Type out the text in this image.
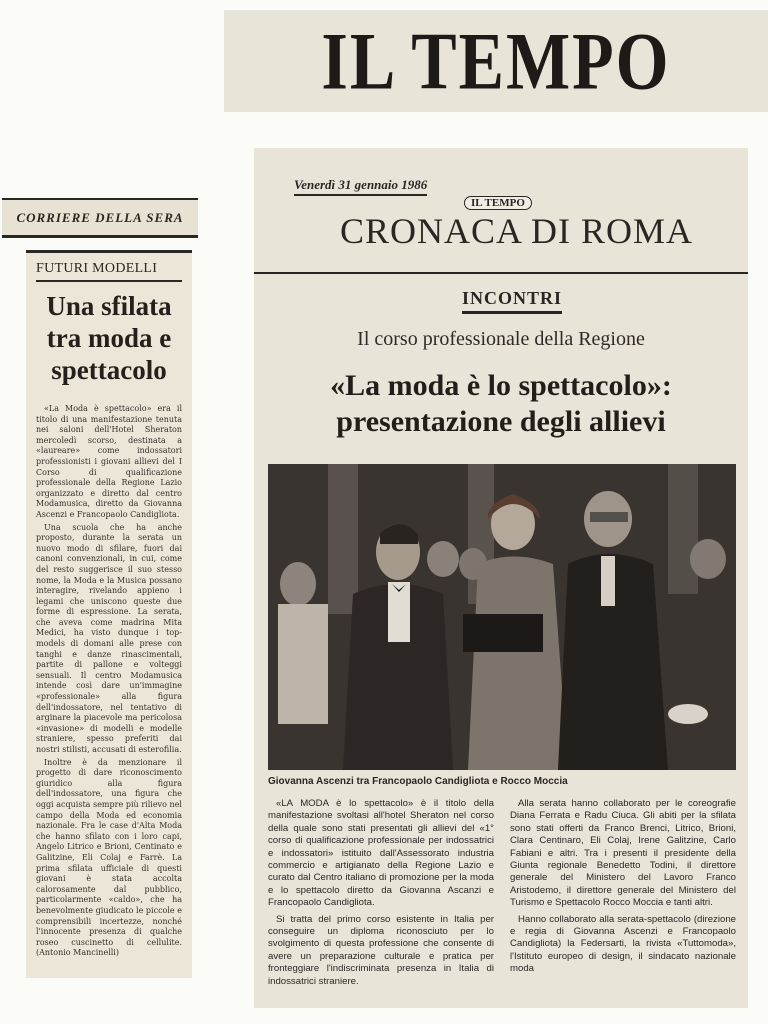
IL TEMPO
CORRIERE DELLA SERA
FUTURI MODELLI
Una sfilata tra moda e spettacolo

«La Moda è spettacolo» era il titolo di una manifestazione tenuta nei saloni dell'Hotel Sheraton mercoledì scorso, destinata a «laureare» come indossatori professionisti i giovani allievi del I Corso di qualificazione professionale della Regione Lazio organizzato e diretto dal centro Modamusica, diretto da Giovanna Ascenzi e Francopaolo Candigliota.

Una scuola che ha anche proposto, durante la serata un nuovo modo di sfilare, fuori dai canoni convenzionali, in cui, come del resto suggerisce il suo stesso nome, la Moda e la Musica possano interagire, rivelando appieno i legami che uniscono queste due forme di espressione. La serata, che aveva come madrina Mita Medici, ha visto dunque i top-models di domani alle prese con tanghi e danze rinascimentali, partite di pallone e volteggi sensuali. Il centro Modamusica intende così dare un'immagine «professionale» alla figura dell'indossatore, nel tentativo di arginare la piacevole ma pericolosa «invasione» di modelli e modelle straniere, spesso preferiti dai nostri stilisti, accusati di esterofilia.

Inoltre è da menzionare il progetto di dare riconoscimento giuridico alla figura dell'indossatore, una figura che oggi acquista sempre più rilievo nel campo della Moda ed economia nazionale. Fra le case d'Alta Moda che hanno sfilato con i loro capi, Angelo Litrico e Brioni, Centinato e Galitzine, Eli Colaj e Farrè. La prima sfilata ufficiale di questi giovani è stata accolta calorosamente dal pubblico, particolarmente «caldo», che ha benevolmente giudicato le piccole e comprensibili incertezze, nonché l'innocente presenza di qualche roseo cuscinetto di cellulite. (Antonio Mancinelli)

Venerdì 31 gennaio 1986
IL TEMPO
CRONACA DI ROMA
INCONTRI
Il corso professionale della Regione
«La moda è lo spettacolo»: presentazione degli allievi
Giovanna Ascenzi tra Francopaolo Candigliota e Rocco Moccia

«LA MODA è lo spettacolo» è il titolo della manifestazione svoltasi all'hotel Sheraton nel corso della quale sono stati presentati gli allievi del «1° corso di qualificazione professionale per indossatrici e indossatori» istituito dall'Assessorato industria commercio e artigianato della Regione Lazio e curato dal Centro italiano di promozione per la moda e lo spettacolo diretto da Giovanna Ascanzi e Francopaolo Candigliota.

Si tratta del primo corso esistente in Italia per conseguire un diploma riconosciuto per lo svolgimento di questa professione che consente di avere un preparazione culturale e pratica per fronteggiare l'indiscriminata presenza in Italia di indossatrici straniere.

Alla serata hanno collaborato per le coreografie Diana Ferrata e Radu Ciuca. Gli abiti per la sfilata sono stati offerti da Franco Brenci, Litrico, Brioni, Clara Centinaro, Eli Colaj, Irene Galitzine, Carlo Fabiani e altri. Tra i presenti il presidente della Giunta regionale Benedetto Todini, il direttore generale del Ministero del Lavoro Franco Aristodemo, il direttore generale del Ministero del Turismo e Spettacolo Rocco Moccia e tanti altri.

Hanno collaborato alla serata-spettacolo (direzione e regia di Giovanna Ascenzi e Francopaolo Candigliota) la Federsarti, la rivista «Tuttomoda», l'Istituto europeo di design, il sindacato nazionale moda
